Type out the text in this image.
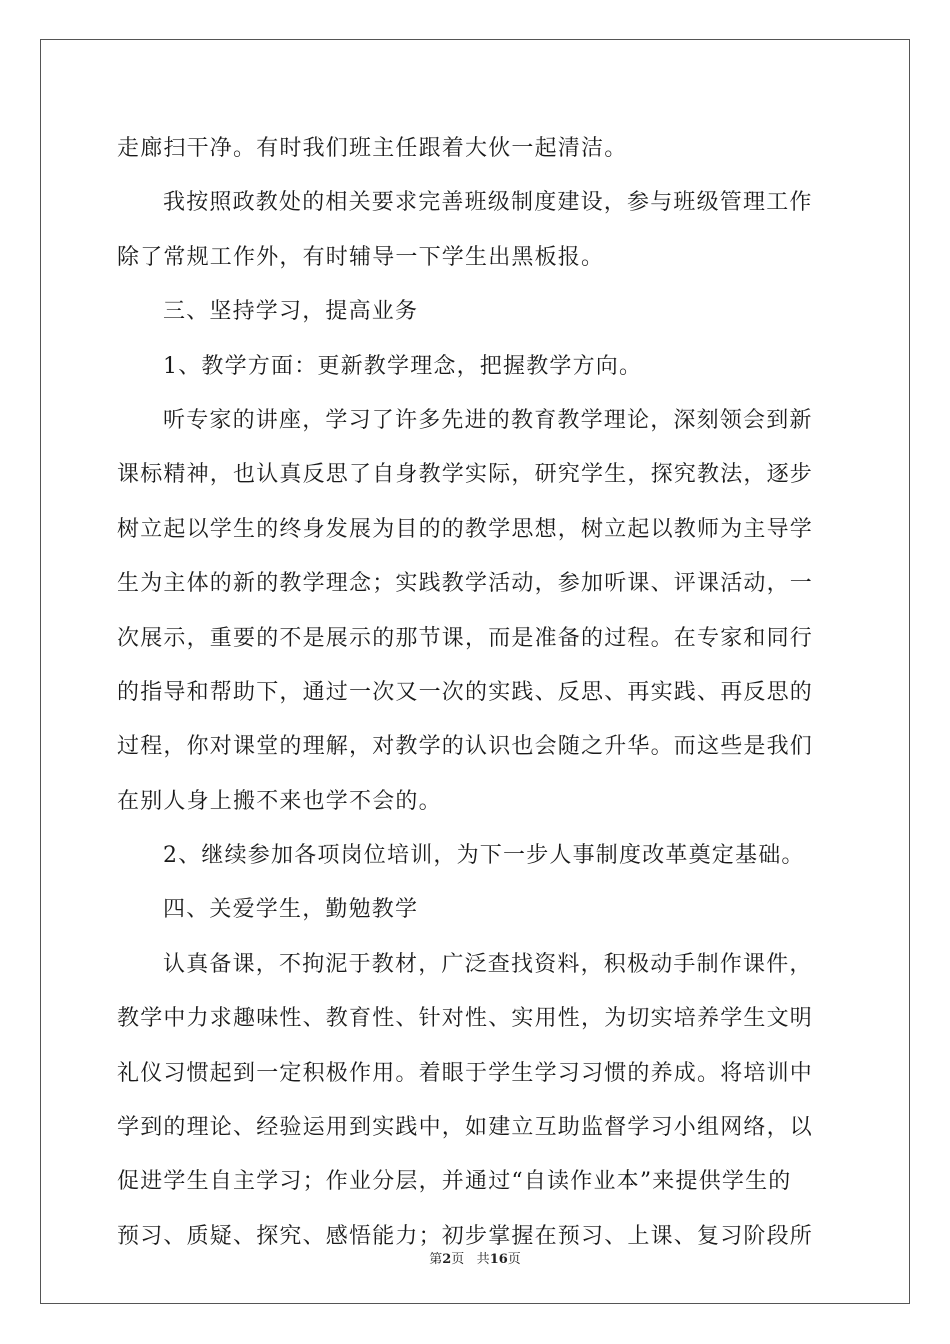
走廊扫干净。有时我们班主任跟着大伙一起清洁。
我按照政教处的相关要求完善班级制度建设，参与班级管理工作
除了常规工作外，有时辅导一下学生出黑板报。
三、坚持学习，提高业务
1、教学方面：更新教学理念，把握教学方向。
听专家的讲座，学习了许多先进的教育教学理论，深刻领会到新
课标精神，也认真反思了自身教学实际，研究学生，探究教法，逐步
树立起以学生的终身发展为目的的教学思想，树立起以教师为主导学
生为主体的新的教学理念；实践教学活动，参加听课、评课活动，一
次展示，重要的不是展示的那节课，而是准备的过程。在专家和同行
的指导和帮助下，通过一次又一次的实践、反思、再实践、再反思的
过程，你对课堂的理解，对教学的认识也会随之升华。而这些是我们
在别人身上搬不来也学不会的。
2、继续参加各项岗位培训，为下一步人事制度改革奠定基础。
四、关爱学生，勤勉教学
认真备课，不拘泥于教材，广泛查找资料，积极动手制作课件，
教学中力求趣味性、教育性、针对性、实用性，为切实培养学生文明
礼仪习惯起到一定积极作用。着眼于学生学习习惯的养成。将培训中
学到的理论、经验运用到实践中，如建立互助监督学习小组网络，以
促进学生自主学习；作业分层，并通过“自读作业本”来提供学生的
预习、质疑、探究、感悟能力；初步掌握在预习、上课、复习阶段所
第2页 共16页
